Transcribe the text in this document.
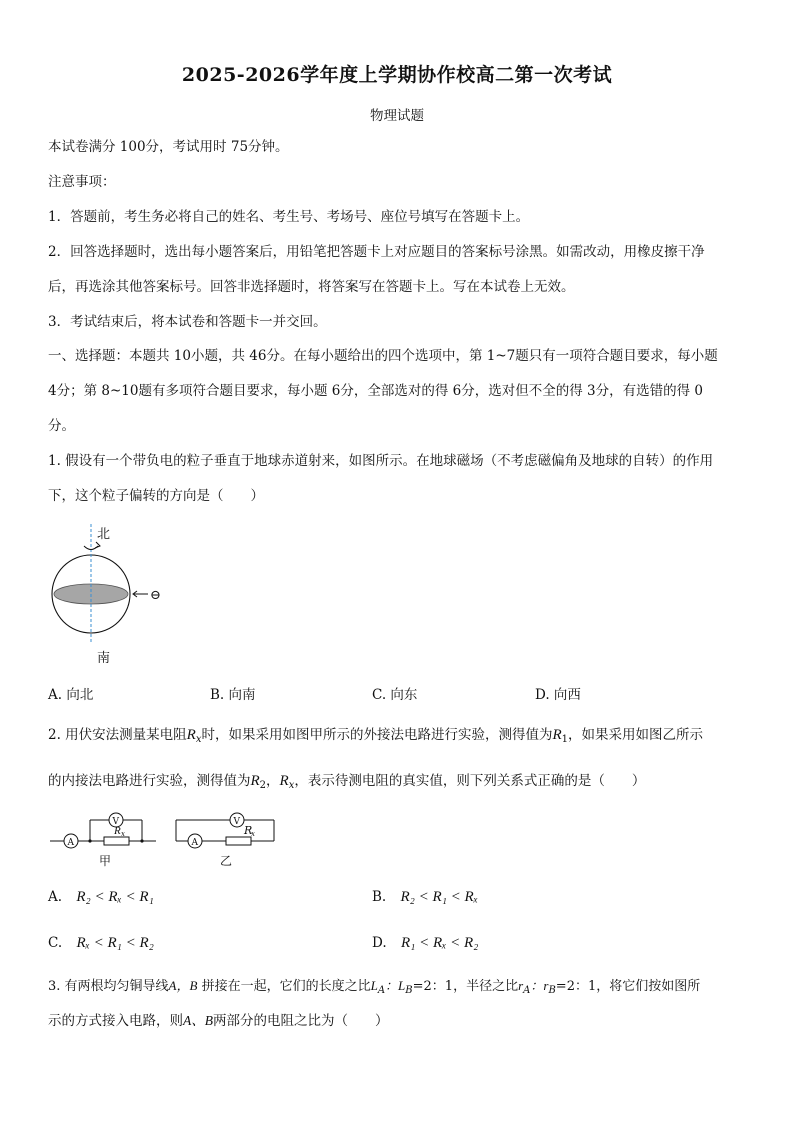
2025-2026学年度上学期协作校高二第一次考试
物理试题
本试卷满分 100分，考试用时 75分钟。
注意事项：
1．答题前，考生务必将自己的姓名、考生号、考场号、座位号填写在答题卡上。
2．回答选择题时，选出每小题答案后，用铅笔把答题卡上对应题目的答案标号涂黑。如需改动，用橡皮擦干净
后，再选涂其他答案标号。回答非选择题时，将答案写在答题卡上。写在本试卷上无效。
3．考试结束后，将本试卷和答题卡一并交回。
一、选择题：本题共 10小题，共 46分。在每小题给出的四个选项中，第 1~7题只有一项符合题目要求，每小题
4分；第 8~10题有多项符合题目要求，每小题 6分，全部选对的得 6分，选对但不全的得 3分，有选错的得 0
分。
1. 假设有一个带负电的粒子垂直于地球赤道射来，如图所示。在地球磁场（不考虑磁偏角及地球的自转）的作用
下，这个粒子偏转的方向是（　　）
北
⊖
南
A. 向北	B. 向南	C. 向东	D. 向西
2. 用伏安法测量某电阻$R_x$时，如果采用如图甲所示的外接法电路进行实验，测得值为$R_1$，如果采用如图乙所示
的内接法电路进行实验，测得值为$R_2$，$R_x$，表示待测电阻的真实值，则下列关系式正确的是（　　）
A
V
R x
甲
V
A
R
x
乙
A. R₂ < Rₓ < R₁	B. R₂ < R₁ < Rₓ
C. Rₓ < R₁ < R₂	D. R₁ < Rₓ < R₂
3. 有两根均匀铜导线A，B 拼接在一起，它们的长度之比$L_A$：$L_B=2$：1，半径之比$r_A$：$r_B=2$：1，将它们按如图所
示的方式接入电路，则A、B两部分的电阻之比为（　　）
